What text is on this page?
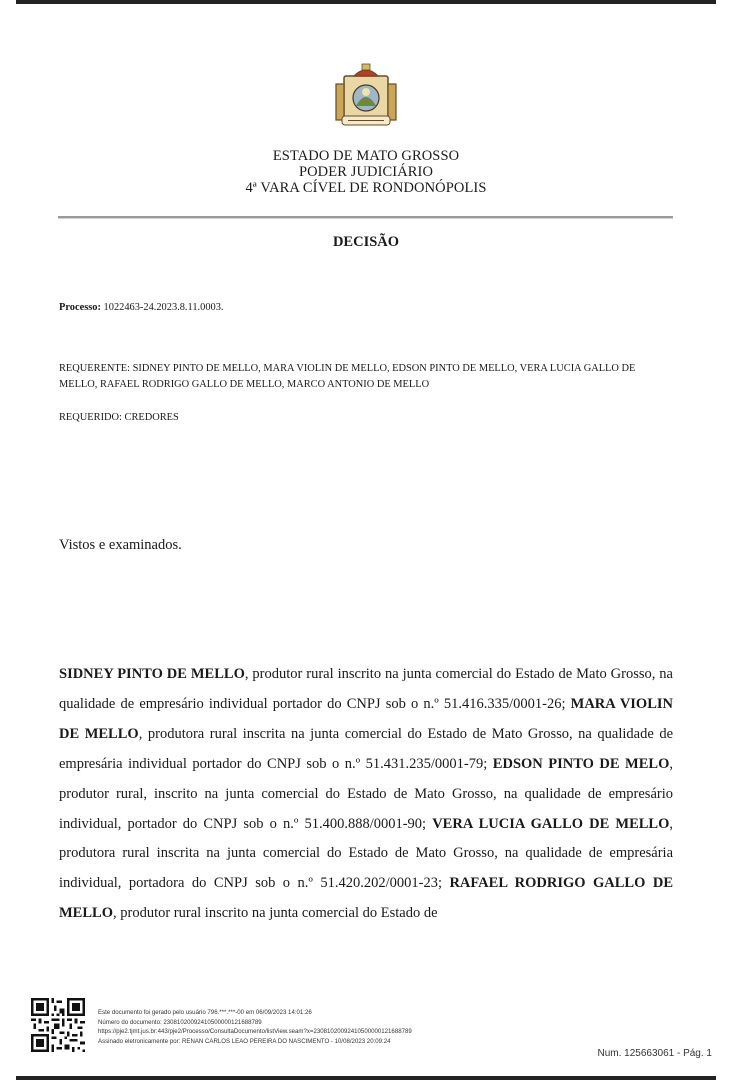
ESTADO DE MATO GROSSO
PODER JUDICIÁRIO
4ª VARA CÍVEL DE RONDONÓPOLIS
DECISÃO
Processo: 1022463-24.2023.8.11.0003.
REQUERENTE: SIDNEY PINTO DE MELLO, MARA VIOLIN DE MELLO, EDSON PINTO DE MELLO, VERA LUCIA GALLO DE MELLO, RAFAEL RODRIGO GALLO DE MELLO, MARCO ANTONIO DE MELLO
REQUERIDO: CREDORES
Vistos e examinados.
SIDNEY PINTO DE MELLO, produtor rural inscrito na junta comercial do Estado de Mato Grosso, na qualidade de empresário individual portador do CNPJ sob o n.º 51.416.335/0001-26; MARA VIOLIN DE MELLO, produtora rural inscrita na junta comercial do Estado de Mato Grosso, na qualidade de empresária individual portador do CNPJ sob o n.º 51.431.235/0001-79; EDSON PINTO DE MELO, produtor rural, inscrito na junta comercial do Estado de Mato Grosso, na qualidade de empresário individual, portador do CNPJ sob o n.º 51.400.888/0001-90; VERA LUCIA GALLO DE MELLO, produtora rural inscrita na junta comercial do Estado de Mato Grosso, na qualidade de empresária individual, portadora do CNPJ sob o n.º 51.420.202/0001-23; RAFAEL RODRIGO GALLO DE MELLO, produtor rural inscrito na junta comercial do Estado de
Este documento foi gerado pelo usuário 796.***.***-00 em 06/09/2023 14:01:26
Número do documento: 23081020092410500000121688789
https://pje2.tjmt.jus.br:443/pje2/Processo/ConsultaDocumento/listView.seam?x=23081020092410500000121688789
Assinado eletronicamente por: RENAN CARLOS LEAO PEREIRA DO NASCIMENTO - 10/08/2023 20:09:24
Num. 125663061 - Pág. 1
